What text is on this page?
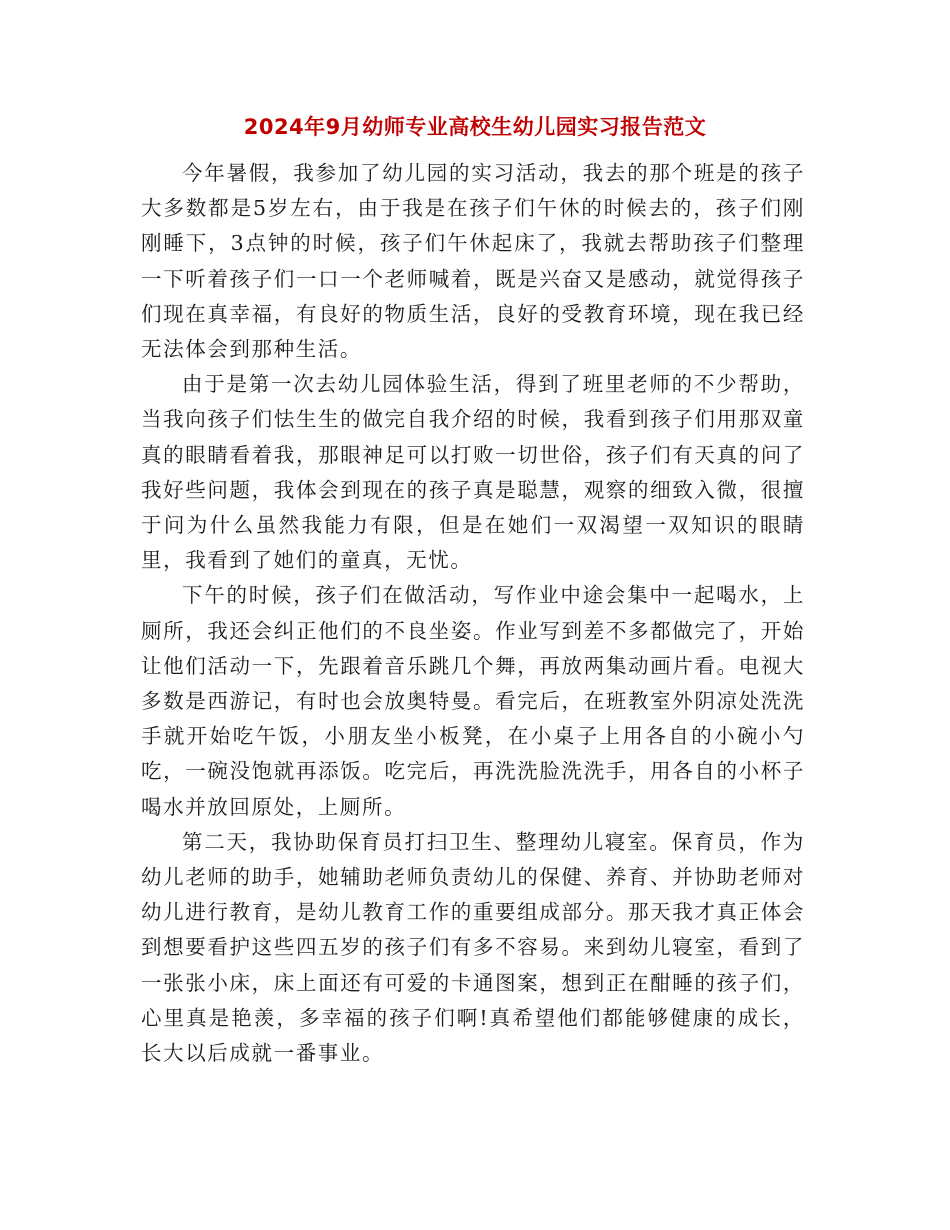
2024年9月幼师专业高校生幼儿园实习报告范文

今年暑假，我参加了幼儿园的实习活动，我去的那个班是的孩子大多数都是5岁左右，由于我是在孩子们午休的时候去的，孩子们刚刚睡下，3点钟的时候，孩子们午休起床了，我就去帮助孩子们整理一下听着孩子们一口一个老师喊着，既是兴奋又是感动，就觉得孩子们现在真幸福，有良好的物质生活，良好的受教育环境，现在我已经无法体会到那种生活。

由于是第一次去幼儿园体验生活，得到了班里老师的不少帮助，当我向孩子们怯生生的做完自我介绍的时候，我看到孩子们用那双童真的眼睛看着我，那眼神足可以打败一切世俗，孩子们有天真的问了我好些问题，我体会到现在的孩子真是聪慧，观察的细致入微，很擅于问为什么虽然我能力有限，但是在她们一双渴望一双知识的眼睛里，我看到了她们的童真，无忧。

下午的时候，孩子们在做活动，写作业中途会集中一起喝水，上厕所，我还会纠正他们的不良坐姿。作业写到差不多都做完了，开始让他们活动一下，先跟着音乐跳几个舞，再放两集动画片看。电视大多数是西游记，有时也会放奥特曼。看完后，在班教室外阴凉处洗洗手就开始吃午饭，小朋友坐小板凳，在小桌子上用各自的小碗小勺吃，一碗没饱就再添饭。吃完后，再洗洗脸洗洗手，用各自的小杯子喝水并放回原处，上厕所。

第二天，我协助保育员打扫卫生、整理幼儿寝室。保育员，作为幼儿老师的助手，她辅助老师负责幼儿的保健、养育、并协助老师对幼儿进行教育，是幼儿教育工作的重要组成部分。那天我才真正体会到想要看护这些四五岁的孩子们有多不容易。来到幼儿寝室，看到了一张张小床，床上面还有可爱的卡通图案，想到正在酣睡的孩子们，心里真是艳羡，多幸福的孩子们啊!真希望他们都能够健康的成长，长大以后成就一番事业。
